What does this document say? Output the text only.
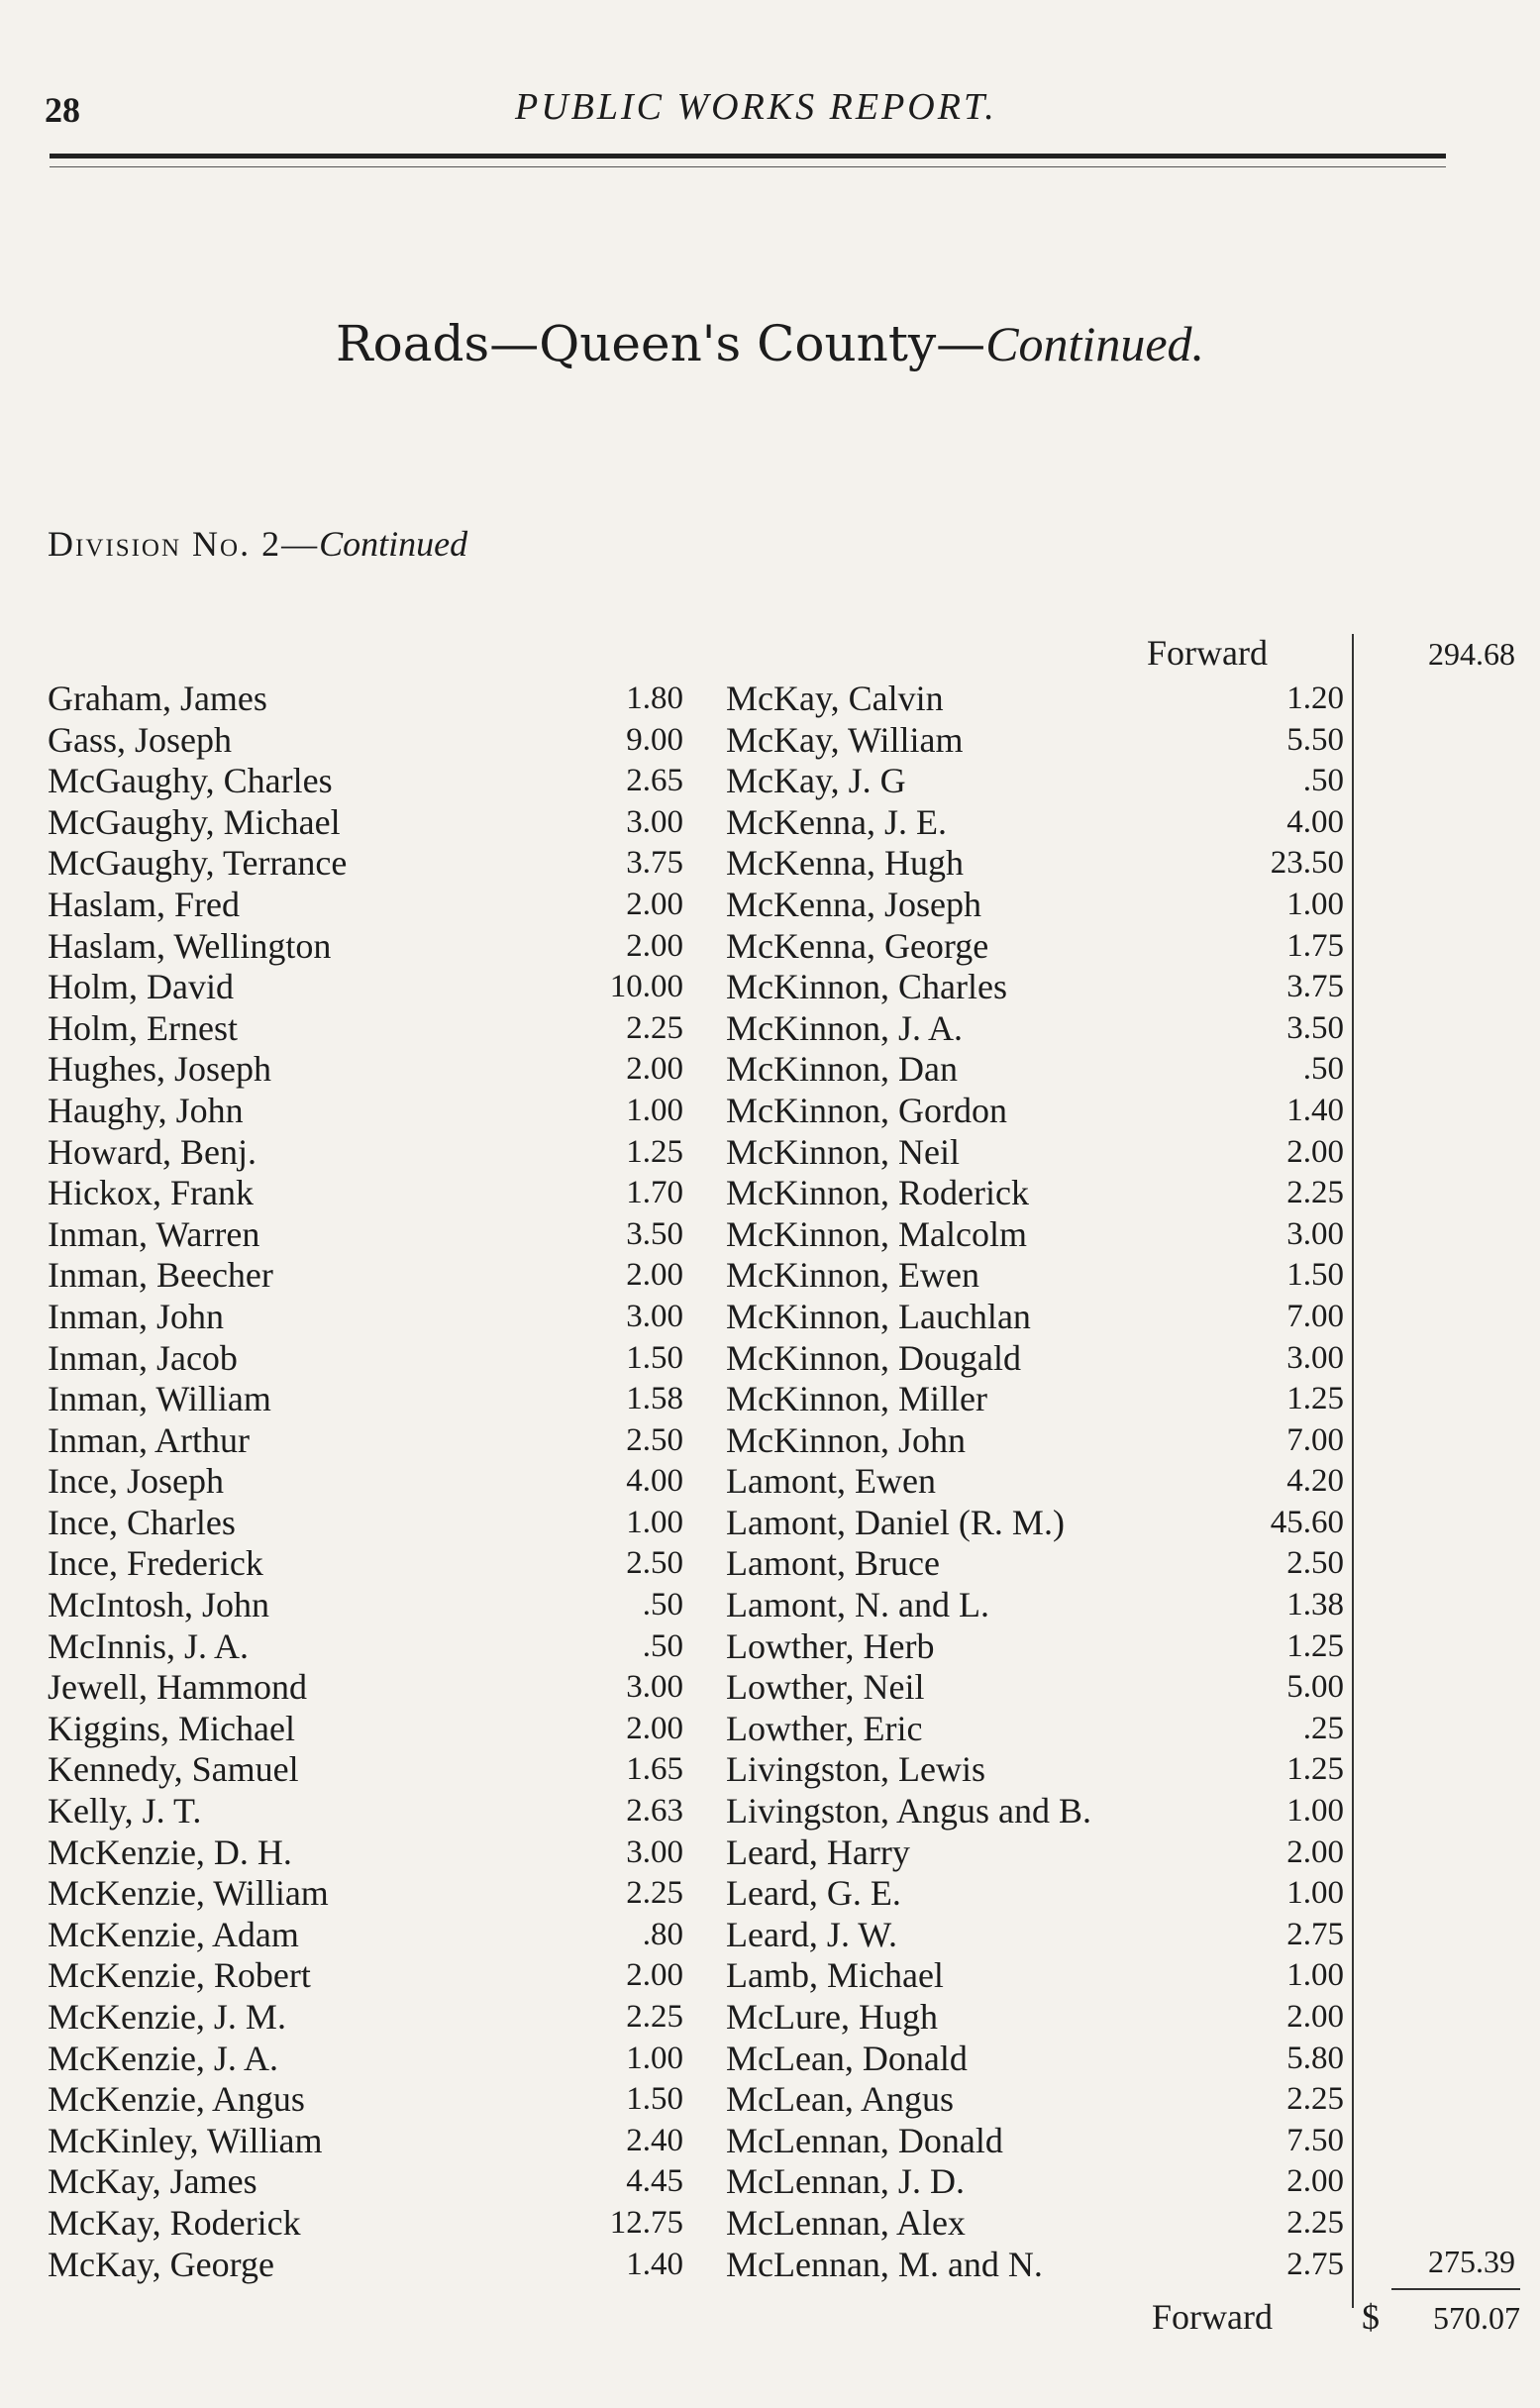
28	PUBLIC WORKS REPORT.
Roads—Queen's County—Continued.
Division No. 2—Continued
Forward	294.68
Graham, James	1.80
Gass, Joseph	9.00
McGaughy, Charles	2.65
McGaughy, Michael	3.00
McGaughy, Terrance	3.75
Haslam, Fred	2.00
Haslam, Wellington	2.00
Holm, David	10.00
Holm, Ernest	2.25
Hughes, Joseph	2.00
Haughy, John	1.00
Howard, Benj.	1.25
Hickox, Frank	1.70
Inman, Warren	3.50
Inman, Beecher	2.00
Inman, John	3.00
Inman, Jacob	1.50
Inman, William	1.58
Inman, Arthur	2.50
Ince, Joseph	4.00
Ince, Charles	1.00
Ince, Frederick	2.50
McIntosh, John	.50
McInnis, J. A.	.50
Jewell, Hammond	3.00
Kiggins, Michael	2.00
Kennedy, Samuel	1.65
Kelly, J. T.	2.63
McKenzie, D. H.	3.00
McKenzie, William	2.25
McKenzie, Adam	.80
McKenzie, Robert	2.00
McKenzie, J. M.	2.25
McKenzie, J. A.	1.00
McKenzie, Angus	1.50
McKinley, William	2.40
McKay, James	4.45
McKay, Roderick	12.75
McKay, George	1.40
McKay, Calvin	1.20
McKay, William	5.50
McKay, J. G	.50
McKenna, J. E.	4.00
McKenna, Hugh	23.50
McKenna, Joseph	1.00
McKenna, George	1.75
McKinnon, Charles	3.75
McKinnon, J. A.	3.50
McKinnon, Dan	.50
McKinnon, Gordon	1.40
McKinnon, Neil	2.00
McKinnon, Roderick	2.25
McKinnon, Malcolm	3.00
McKinnon, Ewen	1.50
McKinnon, Lauchlan	7.00
McKinnon, Dougald	3.00
McKinnon, Miller	1.25
McKinnon, John	7.00
Lamont, Ewen	4.20
Lamont, Daniel (R. M.)	45.60
Lamont, Bruce	2.50
Lamont, N. and L.	1.38
Lowther, Herb	1.25
Lowther, Neil	5.00
Lowther, Eric	.25
Livingston, Lewis	1.25
Livingston, Angus and B.	1.00
Leard, Harry	2.00
Leard, G. E.	1.00
Leard, J. W.	2.75
Lamb, Michael	1.00
McLure, Hugh	2.00
McLean, Donald	5.80
McLean, Angus	2.25
McLennan, Donald	7.50
McLennan, J. D.	2.00
McLennan, Alex	2.25
McLennan, M. and N.	2.75	275.39
Forward	$	570.07
